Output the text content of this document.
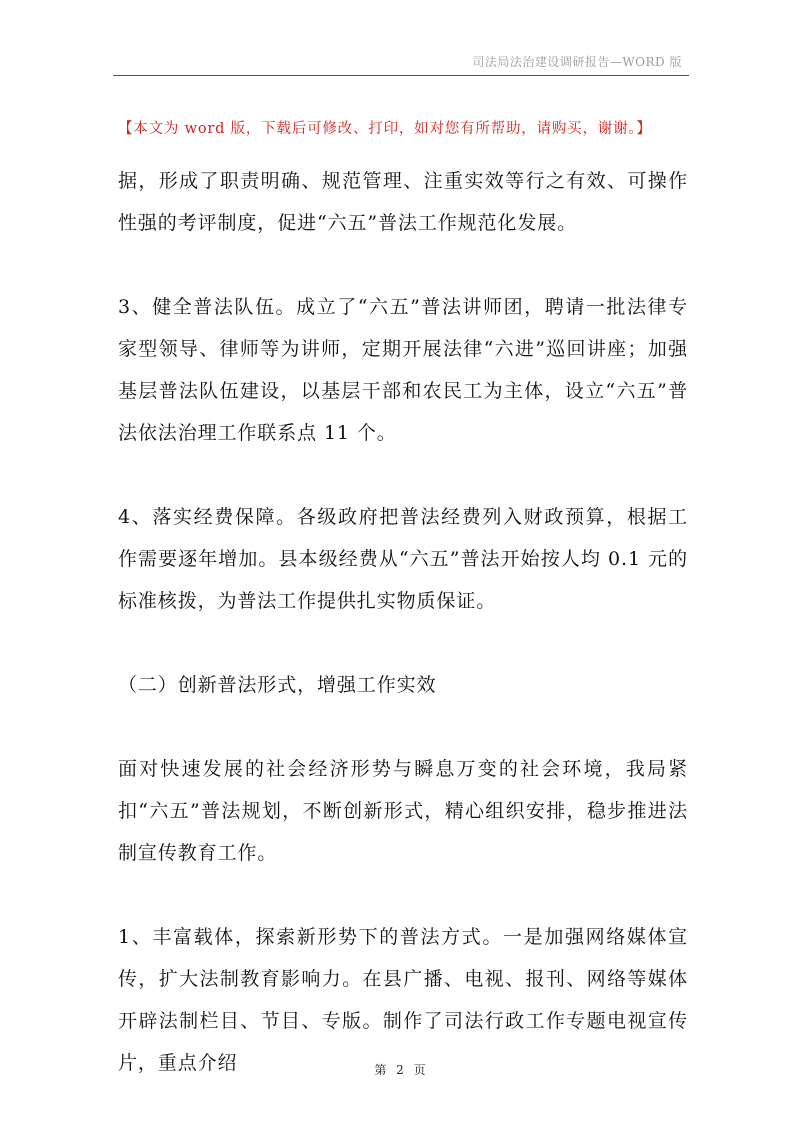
司法局法治建设调研报告—WORD 版
【本文为 word 版，下载后可修改、打印，如对您有所帮助，请购买，谢谢。】

据，形成了职责明确、规范管理、注重实效等行之有效、可操作性强的考评制度，促进“六五”普法工作规范化发展。

3、健全普法队伍。成立了“六五”普法讲师团，聘请一批法律专家型领导、律师等为讲师，定期开展法律“六进”巡回讲座；加强基层普法队伍建设，以基层干部和农民工为主体，设立“六五”普法依法治理工作联系点 11 个。

4、落实经费保障。各级政府把普法经费列入财政预算，根据工作需要逐年增加。县本级经费从“六五”普法开始按人均 0.1 元的标准核拨，为普法工作提供扎实物质保证。

（二）创新普法形式，增强工作实效

面对快速发展的社会经济形势与瞬息万变的社会环境，我局紧扣“六五”普法规划，不断创新形式，精心组织安排，稳步推进法制宣传教育工作。

1、丰富载体，探索新形势下的普法方式。一是加强网络媒体宣传，扩大法制教育影响力。在县广播、电视、报刊、网络等媒体开辟法制栏目、节目、专版。制作了司法行政工作专题电视宣传片，重点介绍	第 2 页
